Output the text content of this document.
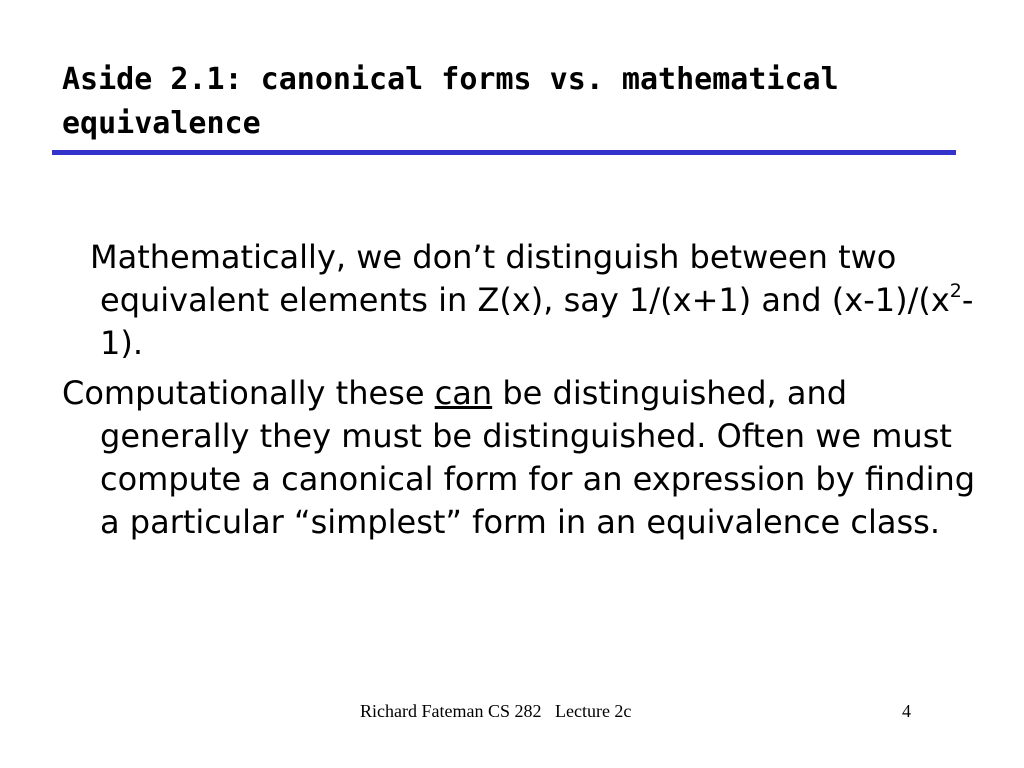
Aside 2.1: canonical forms vs. mathematical equivalence

Mathematically, we don’t distinguish between two equivalent elements in Z(x), say 1/(x+1) and $(x-1)/(x^2-1)$.

Computationally these can be distinguished, and generally they must be distinguished. Often we must compute a canonical form for an expression by finding a particular “simplest” form in an equivalence class.

Richard Fateman CS 282   Lecture 2c	4
